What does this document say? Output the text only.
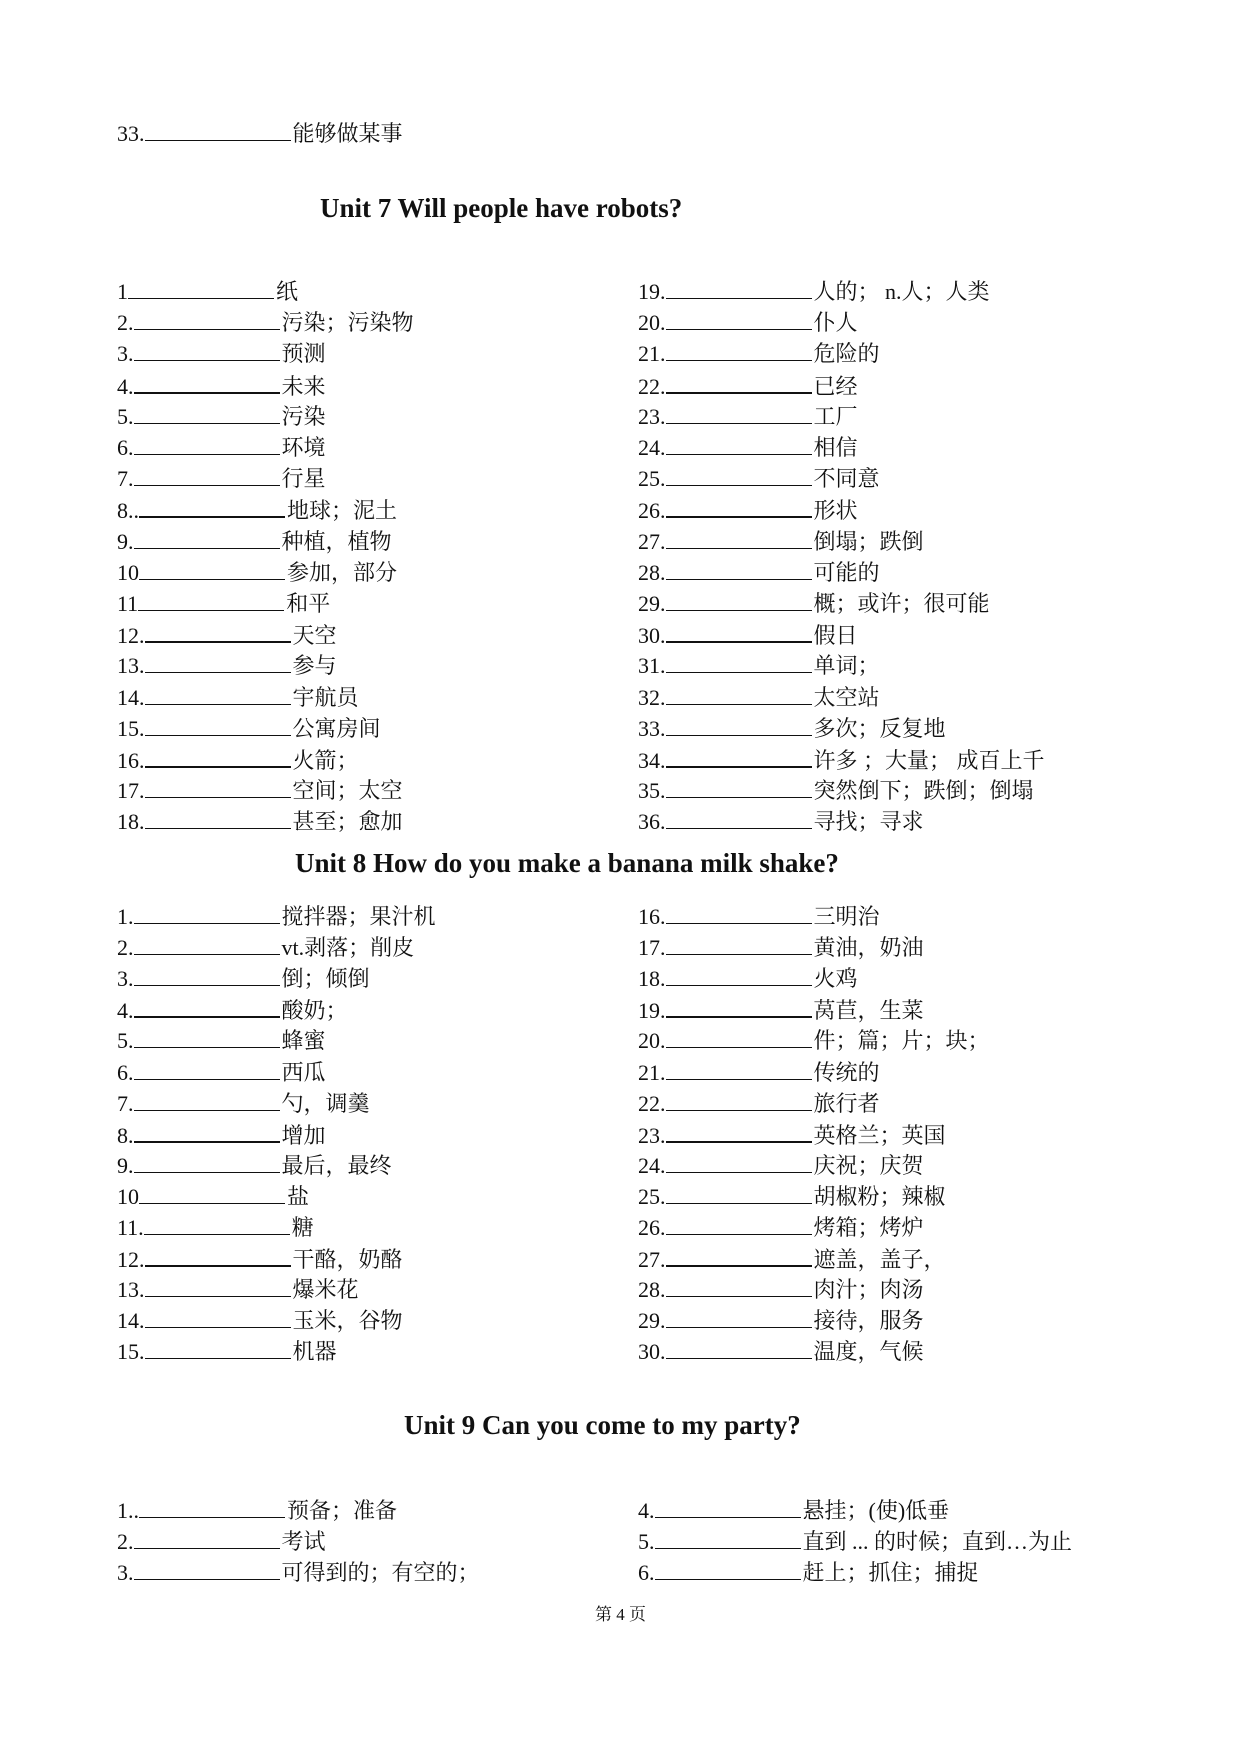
33.	能够做某事
Unit 7 Will people have robots?
1	纸
2.	污染；污染物
3.	预测
4.	未来
5.	污染
6.	环境
7.	行星
8..	地球；泥土
9.	种植，植物
10	参加，部分
11	和平
12.	天空
13.	参与
14.	宇航员
15.	公寓房间
16.	火箭；
17.	空间；太空
18.	甚至；愈加
19.	人的； n.人；人类
20.	仆人
21.	危险的
22.	已经
23.	工厂
24.	相信
25.	不同意
26.	形状
27.	倒塌；跌倒
28.	可能的
29.	概；或许；很可能
30.	假日
31.	单词；
32.	太空站
33.	多次；反复地
34.	许多 ；大量； 成百上千
35.	突然倒下；跌倒；倒塌
36.	寻找；寻求
Unit 8 How do you make a banana milk shake?
1.	搅拌器；果汁机
2.	vt.剥落；削皮
3.	倒；倾倒
4.	酸奶；
5.	蜂蜜
6.	西瓜
7.	勺，调羹
8.	增加
9.	最后，最终
10	盐
11.	糖
12.	干酪，奶酪
13.	爆米花
14.	玉米，谷物
15.	机器
16.	三明治
17.	黄油，奶油
18.	火鸡
19.	莴苣，生菜
20.	件；篇；片；块；
21.	传统的
22.	旅行者
23.	英格兰；英国
24.	庆祝；庆贺
25.	胡椒粉；辣椒
26.	烤箱；烤炉
27.	遮盖，盖子，
28.	肉汁；肉汤
29.	接待，服务
30.	温度，气候
Unit 9 Can you come to my party?
1..	预备；准备
2.	考试
3.	可得到的；有空的；
4.	悬挂；(使)低垂
5.	直到 ... 的时候；直到…为止
6.	赶上；抓住；捕捉
第 4 页
